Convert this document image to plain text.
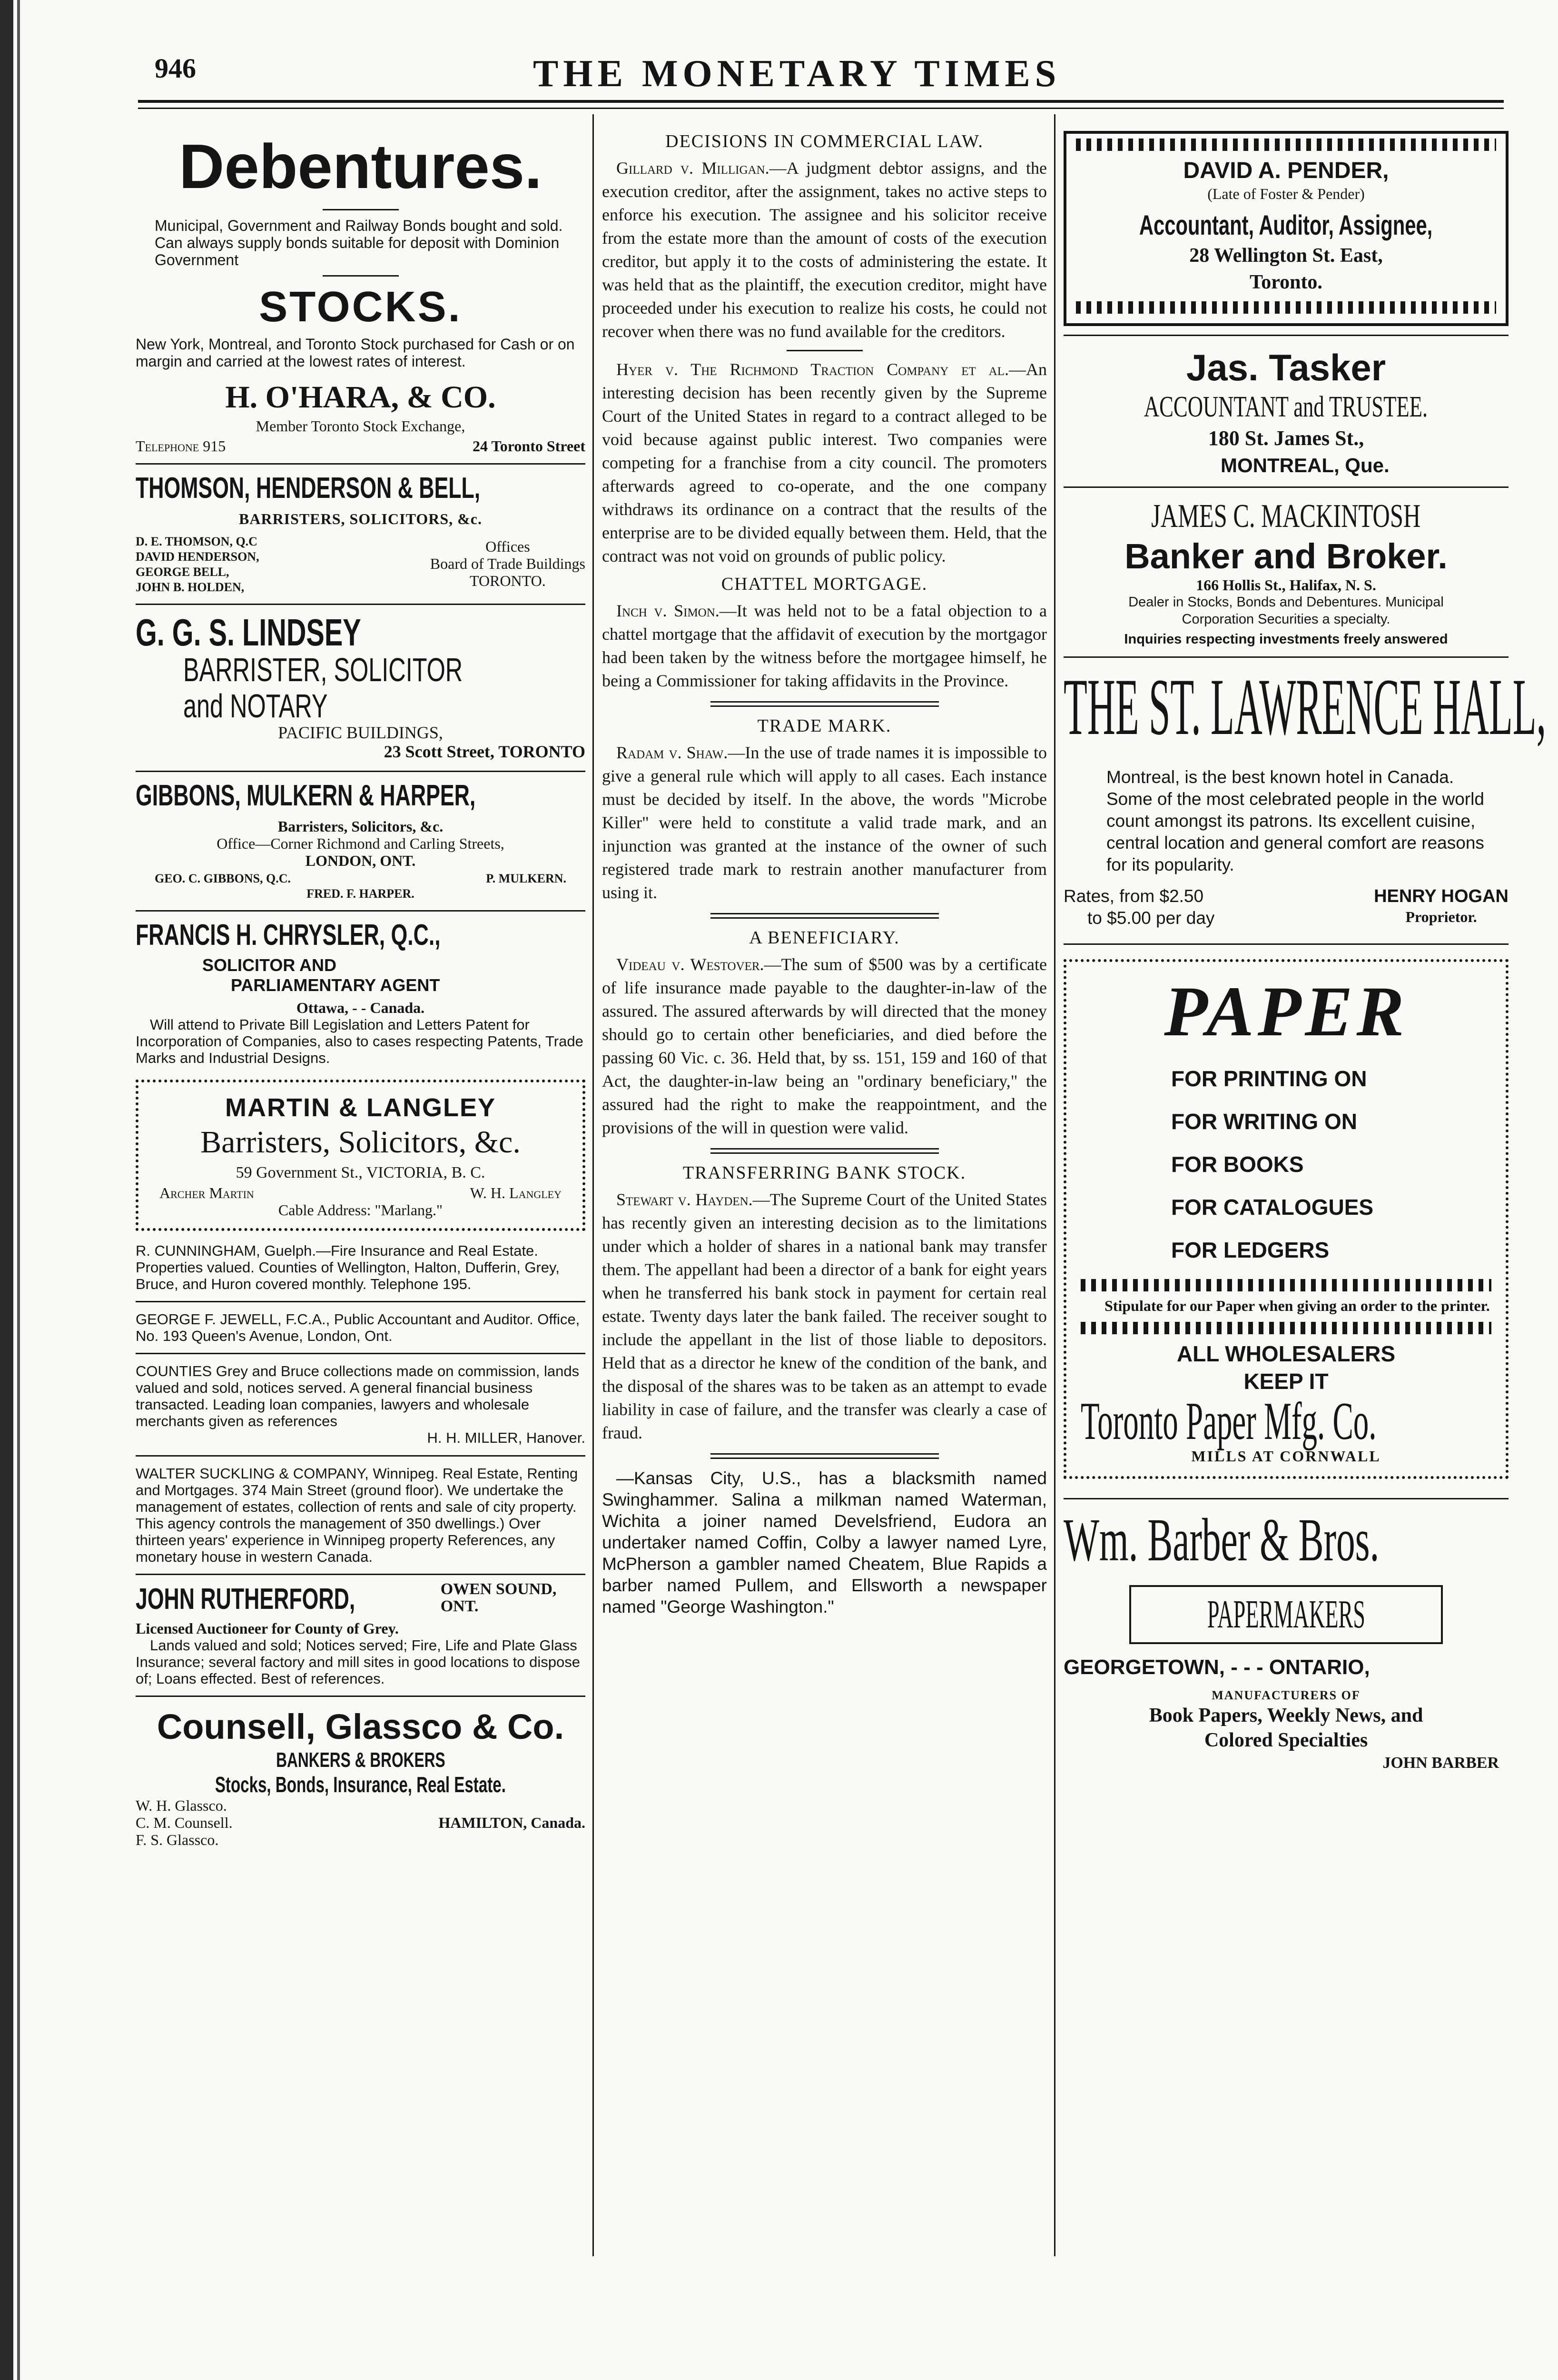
946	THE MONETARY TIMES
Debentures.
Municipal, Government and Railway Bonds bought and sold.
Can always supply bonds suitable for deposit with Dominion Government
STOCKS.
New York, Montreal, and Toronto Stock purchased for Cash or on margin and carried at the lowest rates of interest.
H. O'HARA, & CO.
Member Toronto Stock Exchange,
Telephone 915	24 Toronto Street
THOMSON, HENDERSON & BELL,
BARRISTERS, SOLICITORS, &c.
D. E. THOMSON, Q.C
DAVID HENDERSON,
GEORGE BELL,
JOHN B. HOLDEN,
Offices
Board of Trade Buildings
TORONTO.
G. G. S. LINDSEY
BARRISTER, SOLICITOR
and NOTARY
PACIFIC BUILDINGS,
23 Scott Street, TORONTO
GIBBONS, MULKERN & HARPER,
Barristers, Solicitors, &c.
Office—Corner Richmond and Carling Streets,
LONDON, ONT.
GEO. C. GIBBONS, Q.C.	P. MULKERN.
FRED. F. HARPER.
FRANCIS H. CHRYSLER, Q.C.,
SOLICITOR AND
PARLIAMENTARY AGENT
Ottawa, - - Canada.
Will attend to Private Bill Legislation and Letters Patent for Incorporation of Companies, also to cases respecting Patents, Trade Marks and Industrial Designs.
MARTIN & LANGLEY
Barristers, Solicitors, &c.
59 Government St., VICTORIA, B. C.
Archer Martin	W. H. Langley
Cable Address: "Marlang."
R. CUNNINGHAM, Guelph.—Fire Insurance and Real Estate. Properties valued. Counties of Wellington, Halton, Dufferin, Grey, Bruce, and Huron covered monthly. Telephone 195.
GEORGE F. JEWELL, F.C.A., Public Accountant and Auditor. Office, No. 193 Queen's Avenue, London, Ont.
COUNTIES Grey and Bruce collections made on commission, lands valued and sold, notices served. A general financial business transacted. Leading loan companies, lawyers and wholesale merchants given as references
H. H. MILLER, Hanover.
WALTER SUCKLING & COMPANY, Winnipeg. Real Estate, Renting and Mortgages. 374 Main Street (ground floor). We undertake the management of estates, collection of rents and sale of city property. This agency controls the management of 350 dwellings.) Over thirteen years' experience in Winnipeg property References, any monetary house in western Canada.
JOHN RUTHERFORD,	OWEN SOUND, ONT.
Licensed Auctioneer for County of Grey.
Lands valued and sold; Notices served; Fire, Life and Plate Glass Insurance; several factory and mill sites in good locations to dispose of; Loans effected. Best of references.
Counsell, Glassco & Co.
BANKERS & BROKERS
Stocks, Bonds, Insurance, Real Estate.
W. H. Glassco.
C. M. Counsell.
F. S. Glassco.
HAMILTON, Canada.
DECISIONS IN COMMERCIAL LAW.
Gillard v. Milligan.—A judgment debtor assigns, and the execution creditor, after the assignment, takes no active steps to enforce his execution. The assignee and his solicitor receive from the estate more than the amount of costs of the execution creditor, but apply it to the costs of administering the estate. It was held that as the plaintiff, the execution creditor, might have proceeded under his execution to realize his costs, he could not recover when there was no fund available for the creditors.
Hyer v. The Richmond Traction Company et al.—An interesting decision has been recently given by the Supreme Court of the United States in regard to a contract alleged to be void because against public interest. Two companies were competing for a franchise from a city council. The promoters afterwards agreed to co-operate, and the one company withdraws its ordinance on a contract that the results of the enterprise are to be divided equally between them. Held, that the contract was not void on grounds of public policy.
CHATTEL MORTGAGE.
Inch v. Simon.—It was held not to be a fatal objection to a chattel mortgage that the affidavit of execution by the mortgagor had been taken by the witness before the mortgagee himself, he being a Commissioner for taking affidavits in the Province.
TRADE MARK.
Radam v. Shaw.—In the use of trade names it is impossible to give a general rule which will apply to all cases. Each instance must be decided by itself. In the above, the words "Microbe Killer" were held to constitute a valid trade mark, and an injunction was granted at the instance of the owner of such registered trade mark to restrain another manufacturer from using it.
A BENEFICIARY.
Videau v. Westover.—The sum of $500 was by a certificate of life insurance made payable to the daughter-in-law of the assured. The assured afterwards by will directed that the money should go to certain other beneficiaries, and died before the passing 60 Vic. c. 36. Held that, by ss. 151, 159 and 160 of that Act, the daughter-in-law being an "ordinary beneficiary," the assured had the right to make the reappointment, and the provisions of the will in question were valid.
TRANSFERRING BANK STOCK.
Stewart v. Hayden.—The Supreme Court of the United States has recently given an interesting decision as to the limitations under which a holder of shares in a national bank may transfer them. The appellant had been a director of a bank for eight years when he transferred his bank stock in payment for certain real estate. Twenty days later the bank failed. The receiver sought to include the appellant in the list of those liable to depositors. Held that as a director he knew of the condition of the bank, and the disposal of the shares was to be taken as an attempt to evade liability in case of failure, and the transfer was clearly a case of fraud.
—Kansas City, U.S., has a blacksmith named Swinghammer. Salina a milkman named Waterman, Wichita a joiner named Develsfriend, Eudora an undertaker named Coffin, Colby a lawyer named Lyre, McPherson a gambler named Cheatem, Blue Rapids a barber named Pullem, and Ellsworth a newspaper named "George Washington."
DAVID A. PENDER,
(Late of Foster & Pender)
Accountant, Auditor, Assignee,
28 Wellington St. East,
Toronto.
Jas. Tasker
ACCOUNTANT and TRUSTEE.
180 St. James St.,
MONTREAL, Que.
JAMES C. MACKINTOSH
Banker and Broker.
166 Hollis St., Halifax, N. S.
Dealer in Stocks, Bonds and Debentures. Municipal
Corporation Securities a specialty.
Inquiries respecting investments freely answered
THE ST. LAWRENCE HALL,
Montreal, is the best known hotel in Canada. Some of the most celebrated people in the world count amongst its patrons. Its excellent cuisine, central location and general comfort are reasons for its popularity.
Rates, from $2.50
to $5.00 per day
HENRY HOGAN
Proprietor.
PAPER
FOR PRINTING ON
FOR WRITING ON
FOR BOOKS
FOR CATALOGUES
FOR LEDGERS
Stipulate for our Paper when giving an order to the printer.
ALL WHOLESALERS
KEEP IT
Toronto Paper Mfg. Co.
MILLS AT CORNWALL
Wm. Barber & Bros.
PAPERMAKERS
GEORGETOWN, - - - ONTARIO,
MANUFACTURERS OF
Book Papers, Weekly News, and
Colored Specialties
JOHN BARBER
